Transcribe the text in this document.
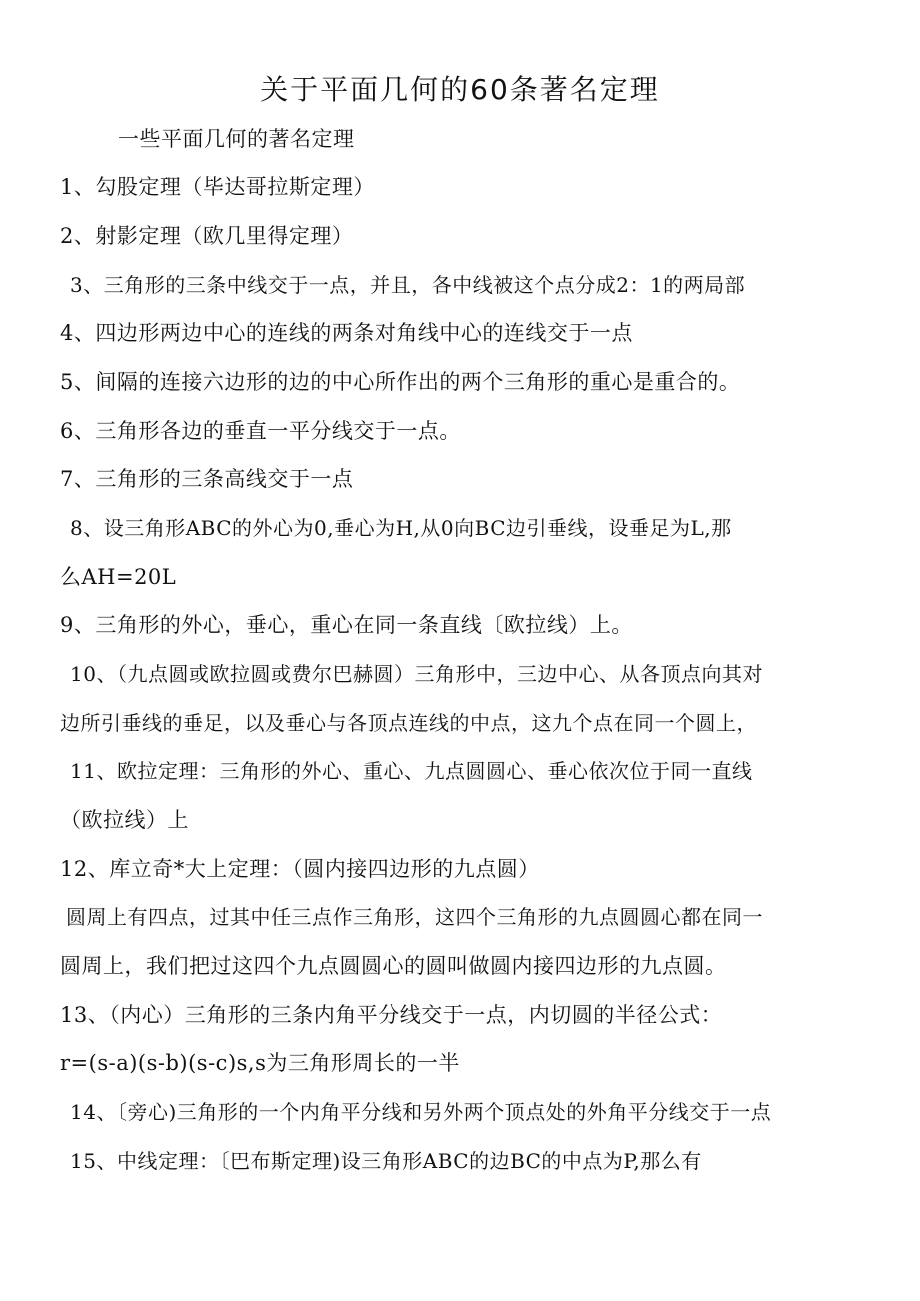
关于平面几何的60条著名定理
一些平面几何的著名定理
1、勾股定理（毕达哥拉斯定理）
2、射影定理（欧几里得定理）
3、三角形的三条中线交于一点，并且，各中线被这个点分成2：1的两局部
4、四边形两边中心的连线的两条对角线中心的连线交于一点
5、间隔的连接六边形的边的中心所作出的两个三角形的重心是重合的。
6、三角形各边的垂直一平分线交于一点。
7、三角形的三条高线交于一点
8、设三角形ABC的外心为0,垂心为H,从0向BC边引垂线，设垂足为L,那
么AH=20L
9、三角形的外心，垂心，重心在同一条直线〔欧拉线）上。
10、（九点圆或欧拉圆或费尔巴赫圆）三角形中，三边中心、从各顶点向其对
边所引垂线的垂足，以及垂心与各顶点连线的中点，这九个点在同一个圆上，
11、欧拉定理：三角形的外心、重心、九点圆圆心、垂心依次位于同一直线
（欧拉线）上
12、库立奇*大上定理：（圆内接四边形的九点圆）
圆周上有四点，过其中任三点作三角形，这四个三角形的九点圆圆心都在同一
圆周上，我们把过这四个九点圆圆心的圆叫做圆内接四边形的九点圆。
13、（内心）三角形的三条内角平分线交于一点，内切圆的半径公式：
r=(s-a)(s-b)(s-c)s,s为三角形周长的一半
14、〔旁心)三角形的一个内角平分线和另外两个顶点处的外角平分线交于一点
15、中线定理：〔巴布斯定理)设三角形ABC的边BC的中点为P,那么有
